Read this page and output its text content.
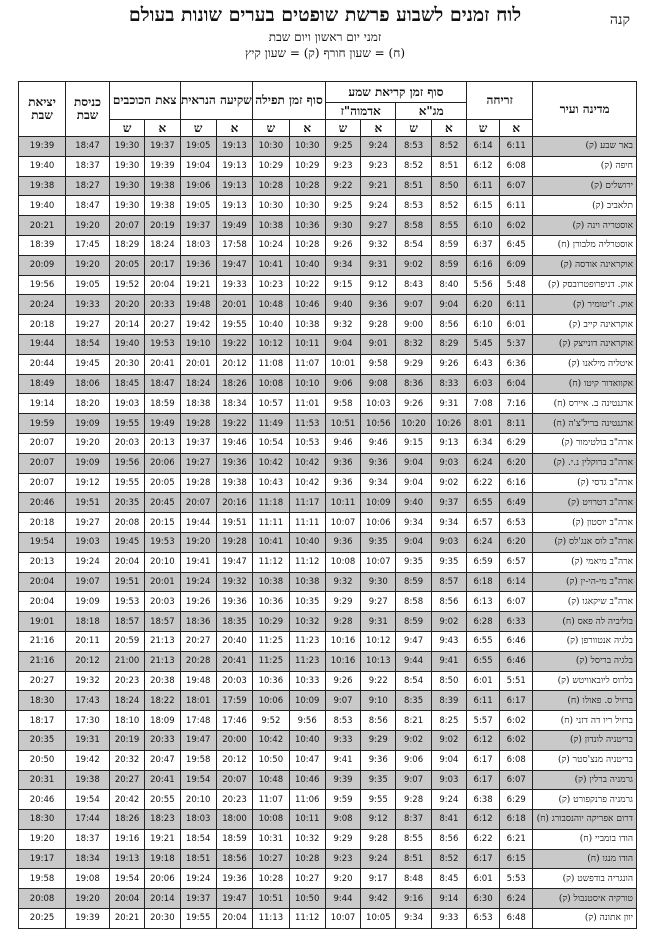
קנה
לוח זמנים לשבוע פרשת שופטים בערים שונות בעולם
זמני יום ראשון ויום שבת
(ח) = שעון חורף (ק) = שעון קיץ
מדינה ועיר	זריחה		סוף זמן קריאת שמע				סוף זמן תפילה		שקיעה הנראית		צאת הכוכבים		כניסת שבת	יציאת שבת
			מג"א		אדמוה"ז									
	א	ש	א	ש	א	ש	א	ש	א	ש	א	ש		
באר שבע (ק)	6:11	6:14	8:52	8:53	9:24	9:25	10:30	10:30	19:13	19:05	19:37	19:30	18:47	19:39
חיפה (ק)	6:08	6:12	8:51	8:52	9:23	9:23	10:29	10:29	19:13	19:04	19:39	19:30	18:37	19:40
ירושלים (ק)	6:07	6:11	8:50	8:51	9:21	9:22	10:28	10:28	19:13	19:06	19:38	19:30	18:27	19:38
תלאביב (ק)	6:11	6:15	8:52	8:53	9:24	9:25	10:30	10:30	19:13	19:05	19:38	19:30	18:47	19:40
אוסטריה וינה (ק)	6:02	6:10	8:55	8:58	9:27	9:30	10:36	10:38	19:49	19:37	20:19	20:07	19:20	20:21
אוסטרליה מלבורן (ח)	6:45	6:37	8:59	8:54	9:32	9:26	10:28	10:24	17:58	18:03	18:24	18:29	17:45	18:39
אוקראינה אודסה (ק)	6:09	6:16	8:59	9:02	9:31	9:34	10:40	10:41	19:47	19:36	20:17	20:05	19:20	20:09
אוק. דניפרופטרובסק (ק)	5:48	5:56	8:40	8:43	9:12	9:15	10:22	10:23	19:33	19:21	20:04	19:52	19:05	19:56
אוק. ז'יטומיר (ק)	6:11	6:20	9:04	9:07	9:36	9:40	10:46	10:48	20:01	19:48	20:33	20:20	19:33	20:24
אוקראינה קייב (ק)	6:01	6:10	8:56	9:00	9:28	9:32	10:38	10:40	19:55	19:42	20:27	20:14	19:27	20:18
אוקראינה דונייצק (ק)	5:37	5:45	8:29	8:32	9:01	9:04	10:11	10:12	19:22	19:10	19:53	19:40	18:54	19:44
איטליה מילאנו (ק)	6:36	6:43	9:26	9:29	9:58	10:01	11:07	11:08	20:12	20:01	20:41	20:30	19:45	20:44
אקוואדור קיטו (ח)	6:04	6:03	8:33	8:36	9:08	9:06	10:10	10:08	18:26	18:24	18:47	18:45	18:06	18:49
ארגנטינה ב. איירס (ח)	7:16	7:08	9:31	9:26	10:03	9:58	11:01	10:57	18:34	18:38	18:59	19:03	18:20	19:14
ארגנטינה בריל'צ'ה (ח)	8:11	8:01	10:26	10:20	10:56	10:51	11:53	11:49	19:22	19:28	19:49	19:55	19:09	19:59
ארה"ב בולטימור (ק)	6:29	6:34	9:13	9:15	9:46	9:46	10:53	10:54	19:46	19:37	20:13	20:03	19:20	20:07
ארה"ב ברוקלין נ.י. (ק)	6:20	6:24	9:03	9:04	9:36	9:36	10:42	10:42	19:36	19:27	20:06	19:56	19:09	20:07
ארה"ב גדסי (ק)	6:16	6:22	9:02	9:04	9:34	9:36	10:42	10:43	19:38	19:28	20:05	19:55	19:12	20:07
ארה"ב דטרויט (ק)	6:49	6:55	9:37	9:40	10:09	10:11	11:17	11:18	20:16	20:07	20:45	20:35	19:51	20:46
ארה"ב יוסטון (ק)	6:53	6:57	9:34	9:34	10:06	10:07	11:11	11:11	19:51	19:44	20:15	20:08	19:27	20:18
ארה"ב לוס אנג'לס (ק)	6:20	6:24	9:03	9:04	9:35	9:36	10:40	10:41	19:28	19:20	19:53	19:45	19:03	19:54
ארה"ב מיאמי (ק)	6:57	6:59	9:35	9:35	10:07	10:08	11:12	11:12	19:47	19:41	20:10	20:04	19:24	20:13
ארה"ב מי-הי-ין (ק)	6:14	6:18	8:57	8:59	9:30	9:32	10:38	10:38	19:32	19:24	20:01	19:51	19:07	20:04
ארה"ב שיקאגו (ק)	6:07	6:13	8:56	8:58	9:27	9:29	10:35	10:36	19:36	19:26	20:03	19:53	19:09	20:04
בוליביה לה פאס (ח)	6:33	6:28	9:02	8:59	9:31	9:28	10:32	10:29	18:35	18:36	18:57	18:57	18:18	19:01
בלגיה אנטוורפן (ק)	6:46	6:55	9:43	9:47	10:12	10:16	11:23	11:25	20:40	20:27	21:13	20:59	20:11	21:16
בלגיה בריסל (ק)	6:46	6:55	9:41	9:44	10:13	10:16	11:23	11:25	20:41	20:28	21:13	21:00	20:12	21:16
בלרוס ליובאוויטש (ק)	5:51	6:01	8:50	8:54	9:22	9:26	10:33	10:36	20:03	19:48	20:38	20:23	19:32	20:27
ברזיל ס. פאולו (ח)	6:17	6:11	8:39	8:35	9:10	9:07	10:09	10:06	17:59	18:01	18:22	18:24	17:43	18:30
ברזיל ריו דה דזני (ח)	6:02	5:57	8:25	8:21	8:56	8:53	9:56	9:52	17:46	17:48	18:09	18:10	17:30	18:17
בריטניה לונדון (ק)	6:02	6:12	9:02	9:02	9:29	9:33	10:40	10:42	20:00	19:47	20:33	20:19	19:31	20:35
בריטניה מנצ'סטר (ק)	6:08	6:17	9:04	9:06	9:36	9:41	10:47	10:50	20:12	19:58	20:47	20:32	19:42	20:50
גרמניה ברלין (ק)	6:07	6:17	9:03	9:07	9:35	9:39	10:46	10:48	20:07	19:54	20:41	20:27	19:38	20:31
גרמניה פרנקפורט (ק)	6:29	6:38	9:24	9:28	9:55	9:59	11:06	11:07	20:23	20:10	20:55	20:42	19:54	20:46
דרום אפריקה יוהנסבורג (ח)	6:18	6:12	8:41	8:37	9:12	9:08	10:11	10:08	18:00	18:03	18:23	18:26	17:44	18:30
הודו בומביי (ח)	6:21	6:22	8:56	8:55	9:28	9:29	10:32	10:31	18:59	18:54	19:21	19:16	18:37	19:20
הודו מנגו (ח)	6:15	6:17	8:52	8:51	9:24	9:23	10:28	10:27	18:56	18:51	19:18	19:13	18:34	19:17
הונגריה בודפשט (ק)	5:53	6:01	8:45	8:48	9:17	9:20	10:27	10:28	19:36	19:24	20:06	19:54	19:08	19:58
טורקיה איסטנבול (ק)	6:24	6:30	9:14	9:16	9:42	9:44	10:50	10:51	19:47	19:37	20:14	20:04	19:20	20:08
יוון אתונה (ק)	6:48	6:53	9:33	9:34	10:05	10:07	11:12	11:13	20:04	19:55	20:30	20:21	19:39	20:25
